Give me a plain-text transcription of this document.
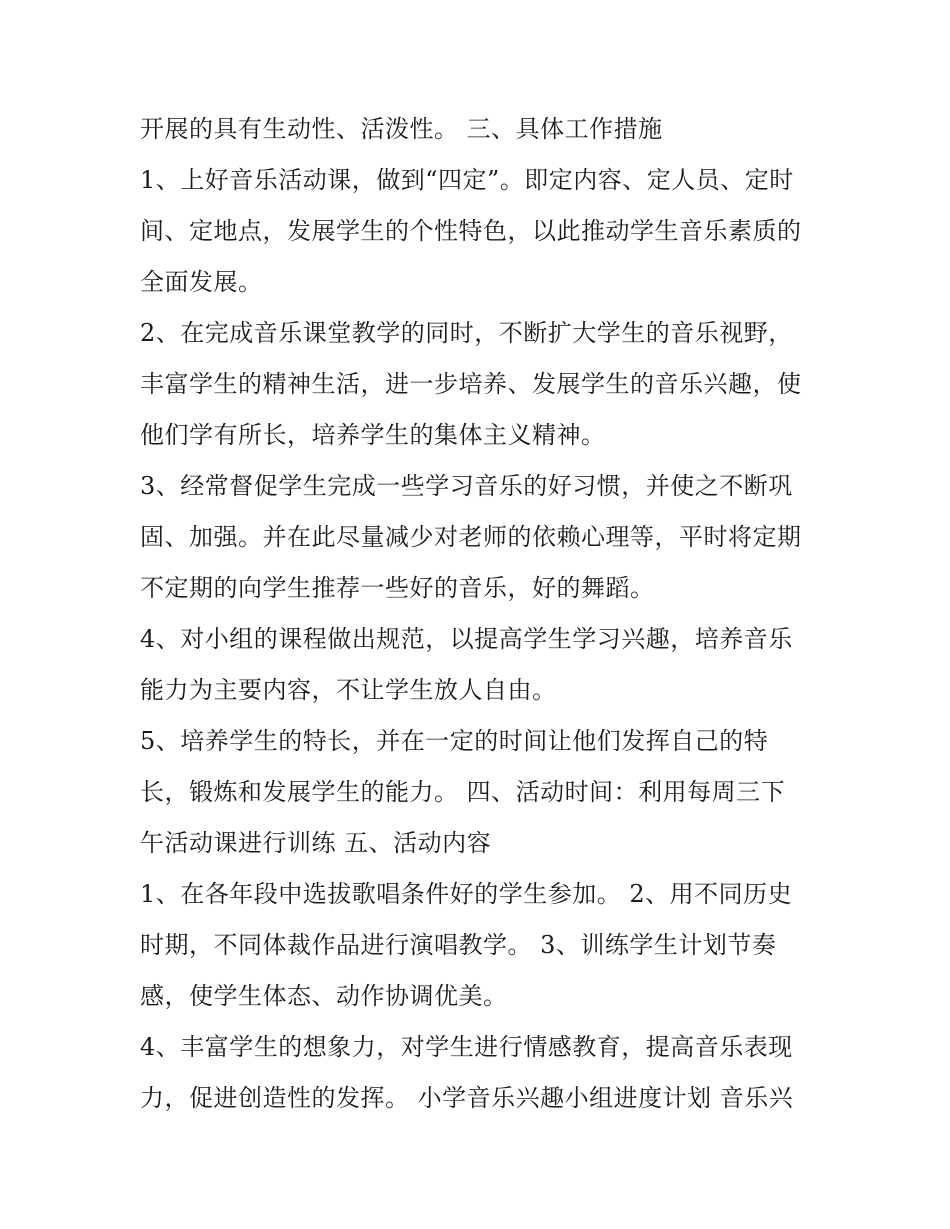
开展的具有生动性、活泼性。 三、具体工作措施
1、上好音乐活动课，做到“四定”。即定内容、定人员、定时
间、定地点，发展学生的个性特色，以此推动学生音乐素质的
全面发展。
2、在完成音乐课堂教学的同时，不断扩大学生的音乐视野，
丰富学生的精神生活，进一步培养、发展学生的音乐兴趣，使
他们学有所长，培养学生的集体主义精神。
3、经常督促学生完成一些学习音乐的好习惯，并使之不断巩
固、加强。并在此尽量减少对老师的依赖心理等，平时将定期
不定期的向学生推荐一些好的音乐，好的舞蹈。
4、对小组的课程做出规范，以提高学生学习兴趣，培养音乐
能力为主要内容，不让学生放人自由。
5、培养学生的特长，并在一定的时间让他们发挥自己的特
长，锻炼和发展学生的能力。 四、活动时间：利用每周三下
午活动课进行训练 五、活动内容
1、在各年段中选拔歌唱条件好的学生参加。 2、用不同历史
时期，不同体裁作品进行演唱教学。 3、训练学生计划节奏
感，使学生体态、动作协调优美。
4、丰富学生的想象力，对学生进行情感教育，提高音乐表现
力，促进创造性的发挥。 小学音乐兴趣小组进度计划 音乐兴
